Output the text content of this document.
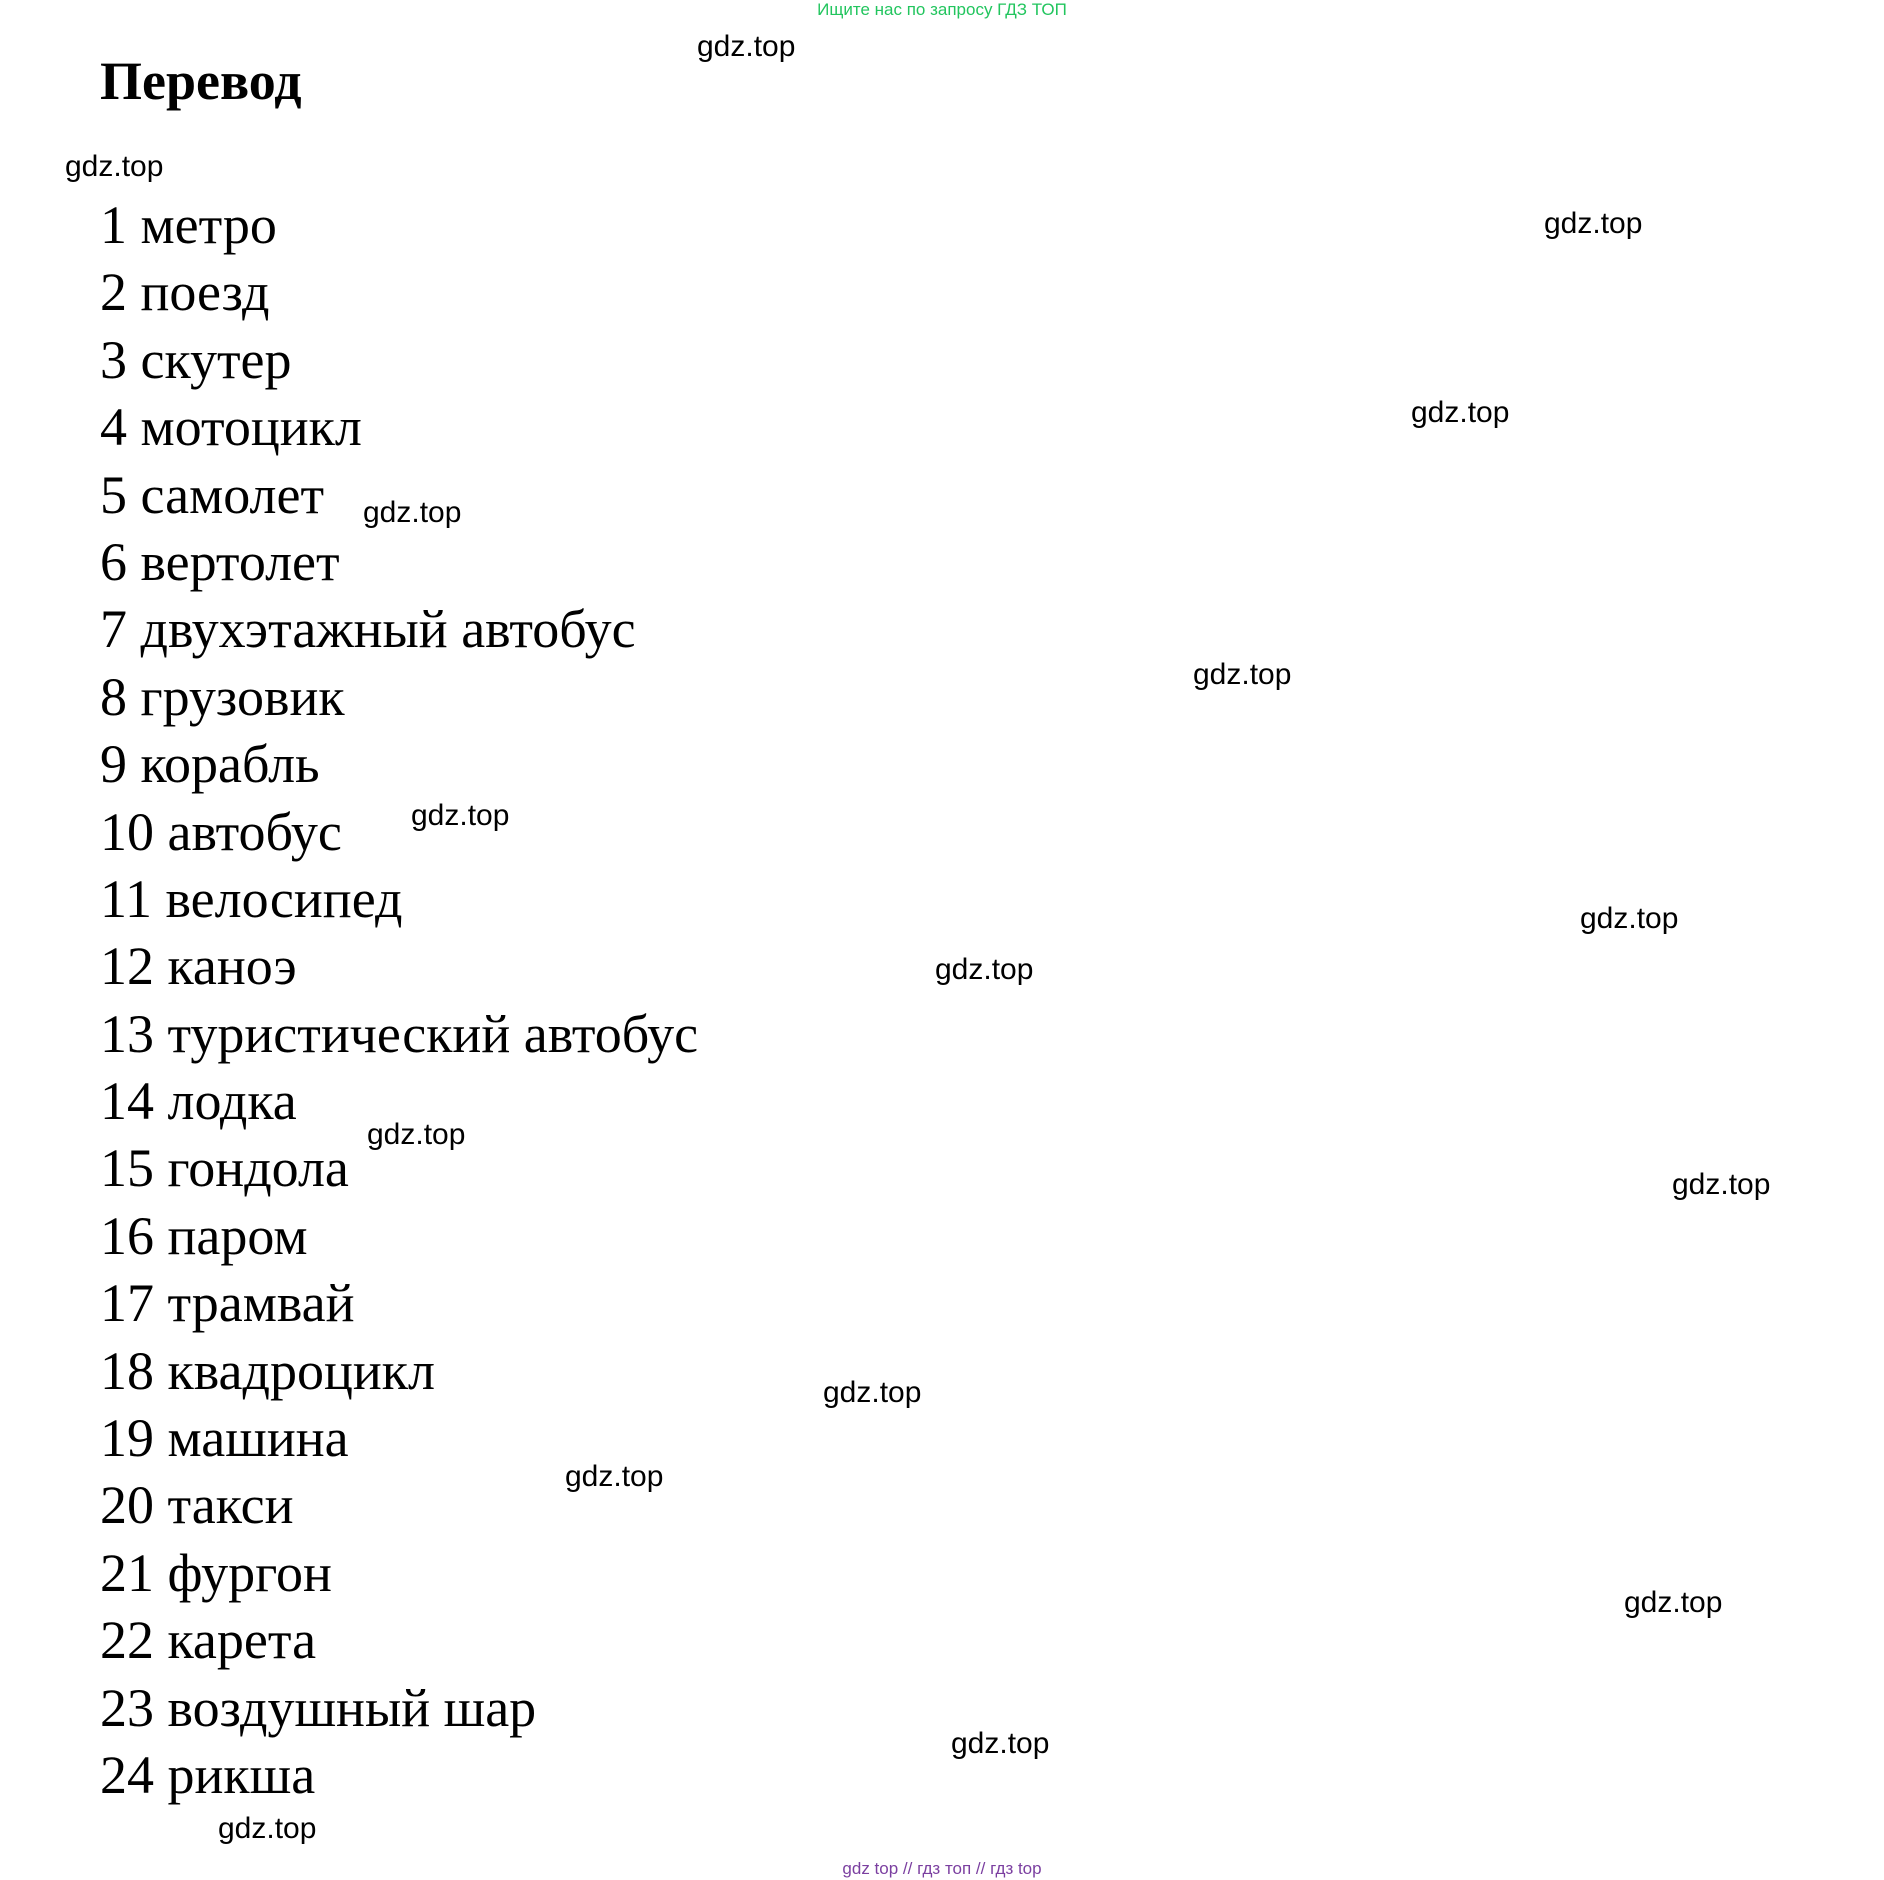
Ищите нас по запросу ГДЗ ТОП
Перевод
1 метро
2 поезд
3 скутер
4 мотоцикл
5 самолет
6 вертолет
7 двухэтажный автобус
8 грузовик
9 корабль
10 автобус
11 велосипед
12 каноэ
13 туристический автобус
14 лодка
15 гондола
16 паром
17 трамвай
18 квадроцикл
19 машина
20 такси
21 фургон
22 карета
23 воздушный шар
24 рикша
gdz.top
gdz.top
gdz.top
gdz.top
gdz.top
gdz.top
gdz.top
gdz.top
gdz.top
gdz.top
gdz.top
gdz.top
gdz.top
gdz.top
gdz.top
gdz.top
gdz top // гдз топ // гдз top
